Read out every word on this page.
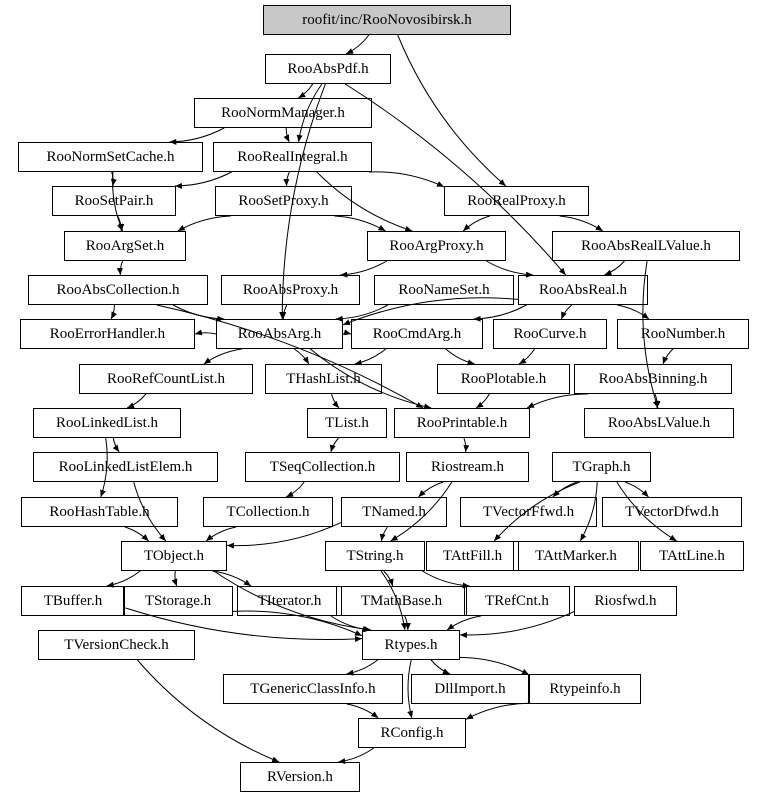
roofit/inc/RooNovosibirsk.h
RooAbsPdf.h
RooNormManager.h
RooNormSetCache.h	RooRealIntegral.h
RooSetPair.h	RooSetProxy.h	RooRealProxy.h
RooArgSet.h	RooArgProxy.h	RooAbsRealLValue.h
RooAbsCollection.h	RooAbsProxy.h	RooNameSet.h	RooAbsReal.h
RooErrorHandler.h	RooAbsArg.h	RooCmdArg.h	RooCurve.h	RooNumber.h
RooRefCountList.h	THashList.h	RooPlotable.h	RooAbsBinning.h
RooLinkedList.h	TList.h	RooPrintable.h	RooAbsLValue.h
RooLinkedListElem.h	TSeqCollection.h	Riostream.h	TGraph.h
RooHashTable.h	TCollection.h	TNamed.h	TVectorFfwd.h	TVectorDfwd.h
TObject.h	TString.h	TAttFill.h	TAttMarker.h	TAttLine.h
TBuffer.h	TStorage.h	TIterator.h	TMathBase.h	TRefCnt.h	Riosfwd.h
TVersionCheck.h	Rtypes.h
TGenericClassInfo.h	DllImport.h	Rtypeinfo.h
RConfig.h
RVersion.h
